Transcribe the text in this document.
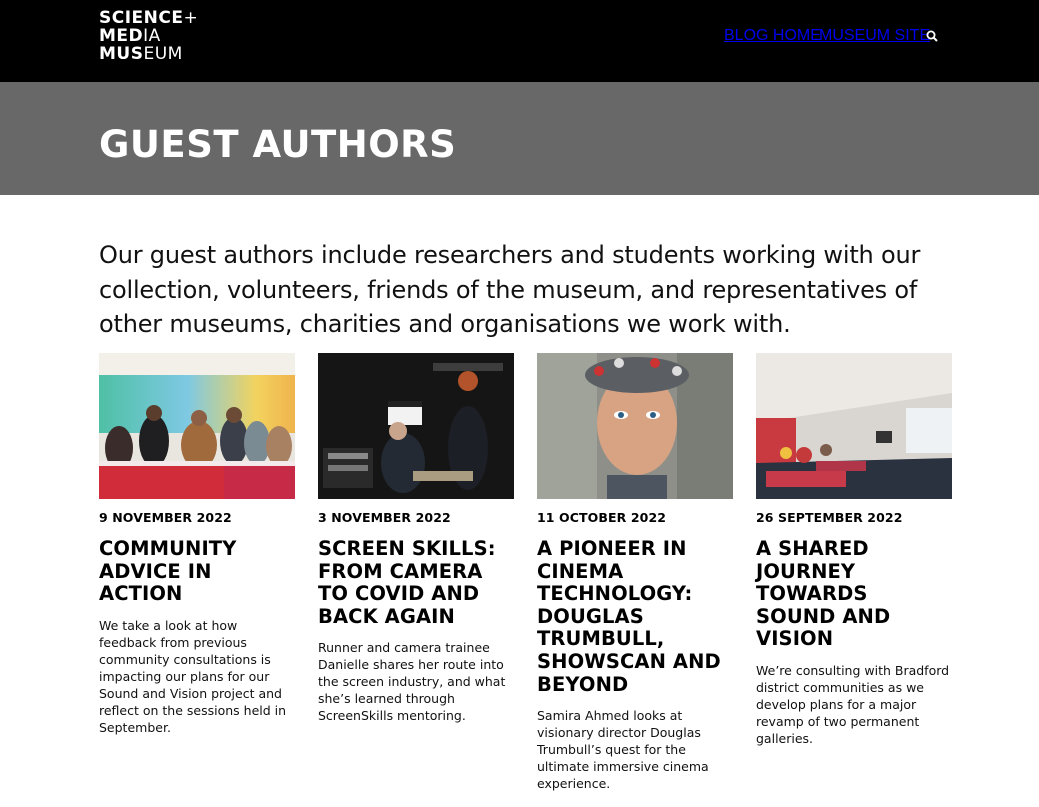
SCIENCE+
MEDIA
MUSEUM
BLOG HOME
MUSEUM SITE
GUEST AUTHORS

Our guest authors include researchers and students working with our collection, volunteers, friends of the museum, and representatives of other museums, charities and organisations we work with.

9 NOVEMBER 2022
COMMUNITY ADVICE IN ACTION
We take a look at how feedback from previous community consultations is impacting our plans for our Sound and Vision project and reflect on the sessions held in September.
3 NOVEMBER 2022
SCREEN SKILLS: FROM CAMERA TO COVID AND BACK AGAIN
Runner and camera trainee Danielle shares her route into the screen industry, and what she’s learned through ScreenSkills mentoring.
11 OCTOBER 2022
A PIONEER IN CINEMA TECHNOLOGY: DOUGLAS TRUMBULL, SHOWSCAN AND BEYOND
Samira Ahmed looks at visionary director Douglas Trumbull’s quest for the ultimate immersive cinema experience.
26 SEPTEMBER 2022
A SHARED JOURNEY TOWARDS SOUND AND VISION
We’re consulting with Bradford district communities as we develop plans for a major revamp of two permanent galleries.
